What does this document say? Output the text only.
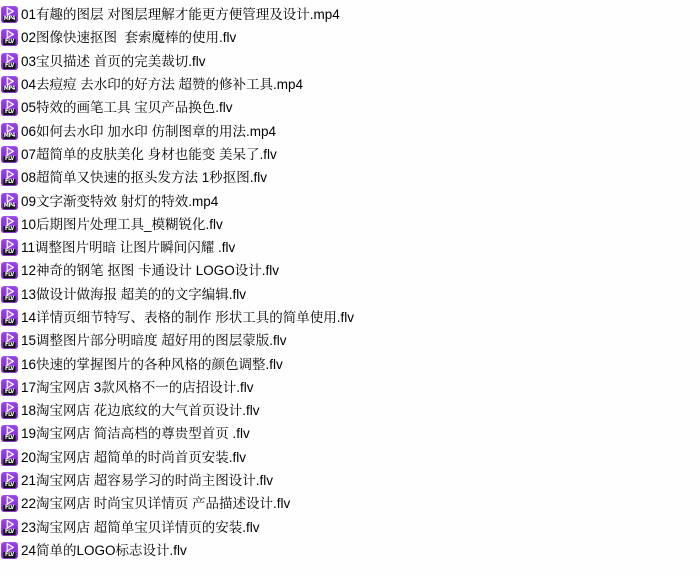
MP4 01有趣的图层 对图层理解才能更方便管理及设计.mp4
FLV 02图像快速抠图  套索魔棒的使用.flv
FLV 03宝贝描述 首页的完美裁切.flv
MP4 04去痘痘 去水印的好方法 超赞的修补工具.mp4
FLV 05特效的画笔工具 宝贝产品换色.flv
MP4 06如何去水印 加水印 仿制图章的用法.mp4
FLV 07超简单的皮肤美化 身材也能变 美呆了.flv
FLV 08超简单又快速的抠头发方法 1秒抠图.flv
MP4 09文字渐变特效 射灯的特效.mp4
FLV 10后期图片处理工具_模糊锐化.flv
FLV 11调整图片明暗 让图片瞬间闪耀 .flv
FLV 12神奇的钢笔 抠图 卡通设计 LOGO设计.flv
FLV 13做设计做海报 超美的的文字编辑.flv
FLV 14详情页细节特写、表格的制作 形状工具的简单使用.flv
FLV 15调整图片部分明暗度 超好用的图层蒙版.flv
FLV 16快速的掌握图片的各种风格的颜色调整.flv
FLV 17淘宝网店 3款风格不一的店招设计.flv
FLV 18淘宝网店 花边底纹的大气首页设计.flv
FLV 19淘宝网店 简洁高档的尊贵型首页 .flv
FLV 20淘宝网店 超简单的时尚首页安装.flv
FLV 21淘宝网店 超容易学习的时尚主图设计.flv
FLV 22淘宝网店 时尚宝贝详情页 产品描述设计.flv
FLV 23淘宝网店 超简单宝贝详情页的安装.flv
FLV 24简单的LOGO标志设计.flv
